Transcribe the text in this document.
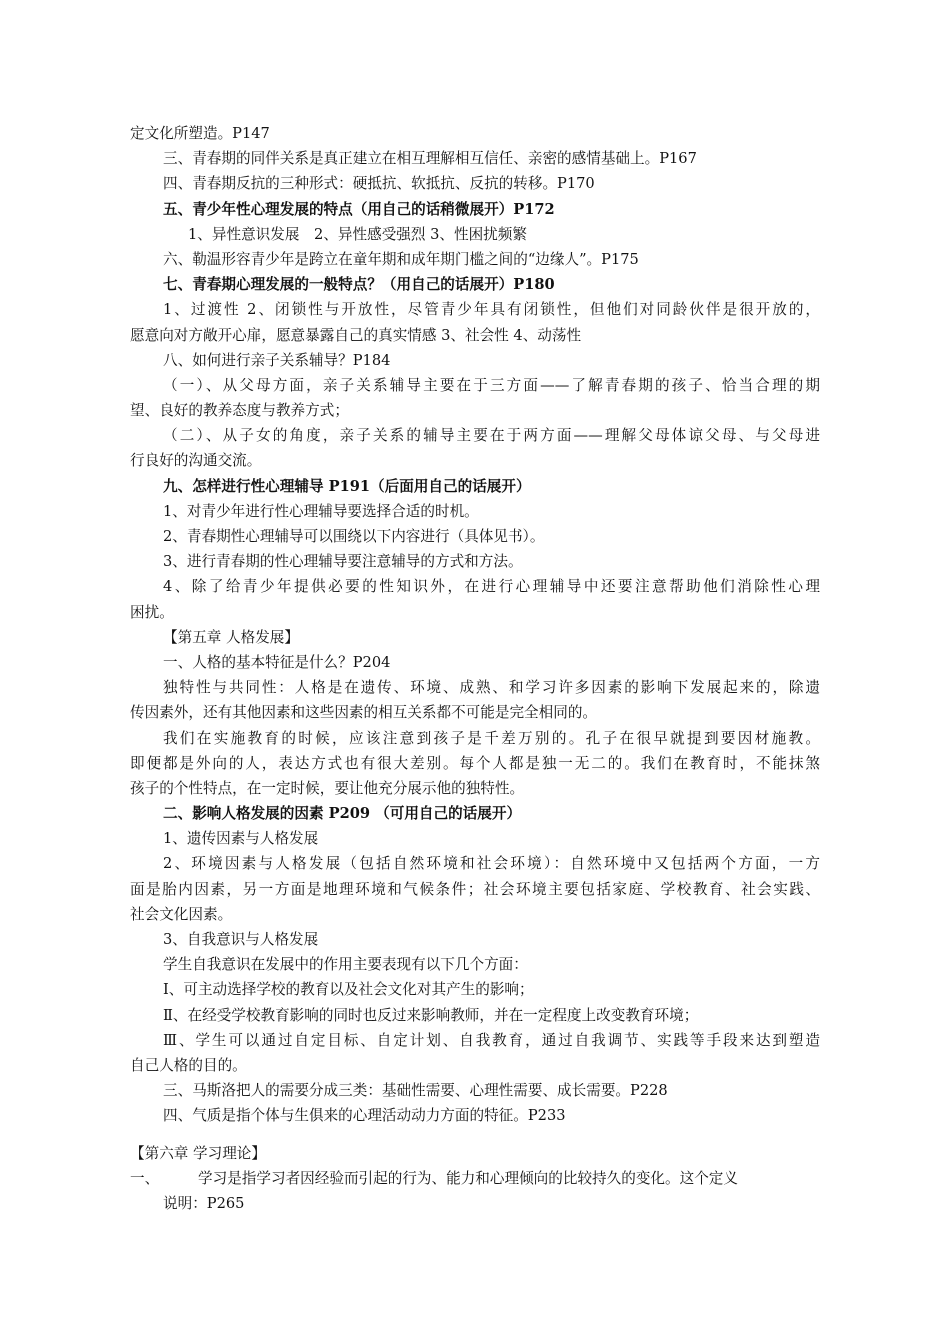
定文化所塑造。P147
三、青春期的同伴关系是真正建立在相互理解相互信任、亲密的感情基础上。P167
四、青春期反抗的三种形式：硬抵抗、软抵抗、反抗的转移。P170
五、青少年性心理发展的特点（用自己的话稍微展开）P172
1、异性意识发展　2、异性感受强烈 3、性困扰频繁
六、勒温形容青少年是跨立在童年期和成年期门槛之间的“边缘人”。P175
七、青春期心理发展的一般特点？（用自己的话展开）P180
1、过渡性 2、闭锁性与开放性，尽管青少年具有闭锁性，但他们对同龄伙伴是很开放的，
愿意向对方敞开心扉，愿意暴露自己的真实情感 3、社会性 4、动荡性
八、如何进行亲子关系辅导？P184
（一）、从父母方面，亲子关系辅导主要在于三方面——了解青春期的孩子、恰当合理的期
望、良好的教养态度与教养方式；
（二）、从子女的角度，亲子关系的辅导主要在于两方面——理解父母体谅父母、与父母进
行良好的沟通交流。
九、怎样进行性心理辅导 P191（后面用自己的话展开）
1、对青少年进行性心理辅导要选择合适的时机。
2、青春期性心理辅导可以围绕以下内容进行（具体见书）。
3、进行青春期的性心理辅导要注意辅导的方式和方法。
4、除了给青少年提供必要的性知识外，在进行心理辅导中还要注意帮助他们消除性心理
困扰。
【第五章 人格发展】
一、人格的基本特征是什么？P204
独特性与共同性：人格是在遗传、环境、成熟、和学习许多因素的影响下发展起来的，除遗
传因素外，还有其他因素和这些因素的相互关系都不可能是完全相同的。
我们在实施教育的时候，应该注意到孩子是千差万别的。孔子在很早就提到要因材施教。
即便都是外向的人，表达方式也有很大差别。每个人都是独一无二的。我们在教育时，不能抹煞
孩子的个性特点，在一定时候，要让他充分展示他的独特性。
二、影响人格发展的因素 P209 （可用自己的话展开）
1、遗传因素与人格发展
2、环境因素与人格发展（包括自然环境和社会环境）：自然环境中又包括两个方面，一方
面是胎内因素，另一方面是地理环境和气候条件；社会环境主要包括家庭、学校教育、社会实践、
社会文化因素。
3、自我意识与人格发展
学生自我意识在发展中的作用主要表现有以下几个方面：
Ⅰ、可主动选择学校的教育以及社会文化对其产生的影响；
Ⅱ、在经受学校教育影响的同时也反过来影响教师，并在一定程度上改变教育环境；
Ⅲ、学生可以通过自定目标、自定计划、自我教育，通过自我调节、实践等手段来达到塑造
自己人格的目的。
三、马斯洛把人的需要分成三类：基础性需要、心理性需要、成长需要。P228
四、气质是指个体与生俱来的心理活动动力方面的特征。P233
【第六章 学习理论】
一、	学习是指学习者因经验而引起的行为、能力和心理倾向的比较持久的变化。这个定义
说明：P265
